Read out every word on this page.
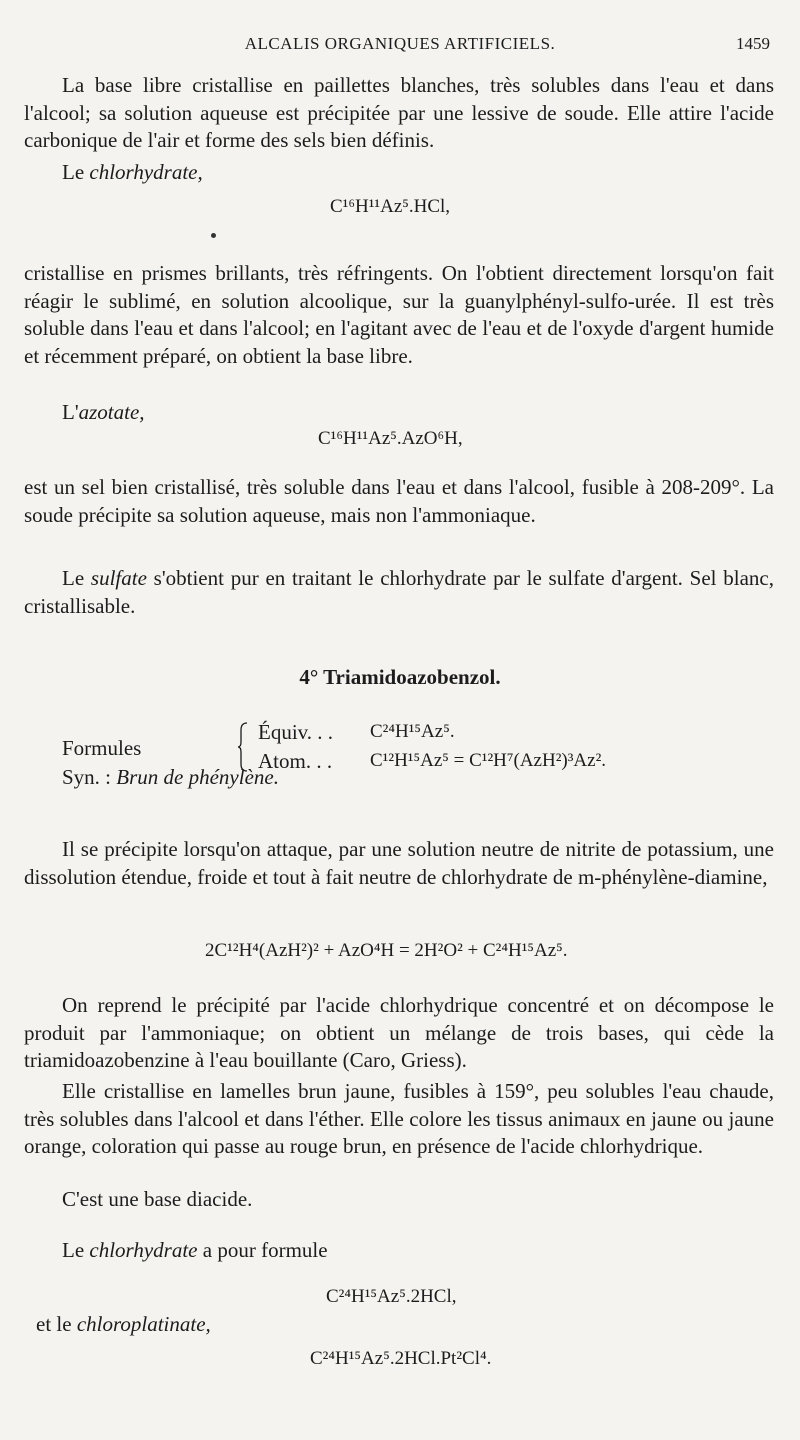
ALCALIS ORGANIQUES ARTIFICIELS.	1459

La base libre cristallise en paillettes blanches, très solubles dans l'eau et dans l'alcool; sa solution aqueuse est précipitée par une lessive de soude. Elle attire l'acide carbonique de l'air et forme des sels bien définis.

Le chlorhydrate,
C¹⁶H¹¹Az⁵.HCl,

cristallise en prismes brillants, très réfringents. On l'obtient directement lorsqu'on fait réagir le sublimé, en solution alcoolique, sur la guanylphényl-sulfo-urée. Il est très soluble dans l'eau et dans l'alcool; en l'agitant avec de l'eau et de l'oxyde d'argent humide et récemment préparé, on obtient la base libre.

L'azotate,
C¹⁶H¹¹Az⁵.AzO⁶H,

est un sel bien cristallisé, très soluble dans l'eau et dans l'alcool, fusible à 208-209°. La soude précipite sa solution aqueuse, mais non l'ammoniaque.

Le sulfate s'obtient pur en traitant le chlorhydrate par le sulfate d'argent. Sel blanc, cristallisable.

4° Triamidoazobenzol.
Formules
Équiv. . . C²⁴H¹⁵Az⁵.
Atom. . . C¹²H¹⁵Az⁵ = C¹²H⁷(AzH²)³Az².
Syn. : Brun de phénylène.

Il se précipite lorsqu'on attaque, par une solution neutre de nitrite de potassium, une dissolution étendue, froide et tout à fait neutre de chlorhydrate de m-phénylène-diamine,

2C¹²H⁴(AzH²)² + AzO⁴H = 2H²O² + C²⁴H¹⁵Az⁵.

On reprend le précipité par l'acide chlorhydrique concentré et on décompose le produit par l'ammoniaque; on obtient un mélange de trois bases, qui cède la triamidoazobenzine à l'eau bouillante (Caro, Griess).

Elle cristallise en lamelles brun jaune, fusibles à 159°, peu solubles l'eau chaude, très solubles dans l'alcool et dans l'éther. Elle colore les tissus animaux en jaune ou jaune orange, coloration qui passe au rouge brun, en présence de l'acide chlorhydrique.

C'est une base diacide.

Le chlorhydrate a pour formule
C²⁴H¹⁵Az⁵.2HCl,
et le chloroplatinate,
C²⁴H¹⁵Az⁵.2HCl.Pt²Cl⁴.
